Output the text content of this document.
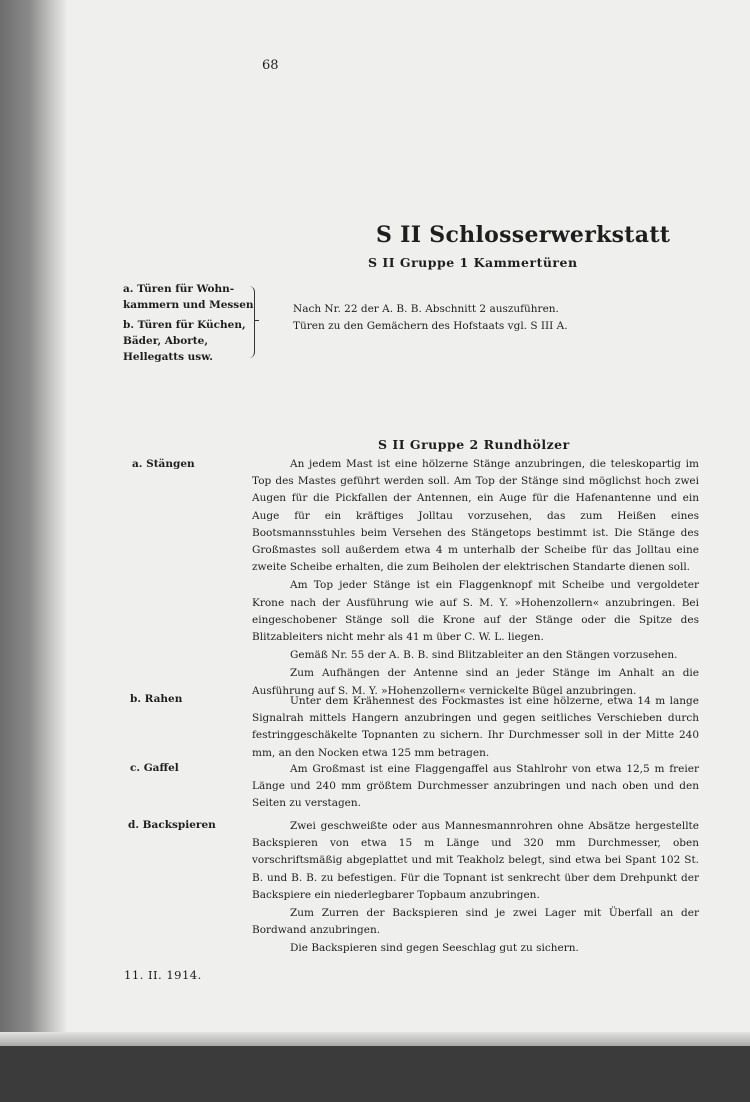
68
S II Schlosserwerkstatt
S II Gruppe 1 Kammertüren
a. Türen für Wohn-
kammern und Messen
b. Türen für Küchen,
Bäder, Aborte,
Hellegatts usw.
Nach Nr. 22 der A. B. B. Abschnitt 2 auszuführen.
Türen zu den Gemächern des Hofstaats vgl. S III A.
S II Gruppe 2 Rundhölzer
a. Stängen	An jedem Mast ist eine hölzerne Stänge anzubringen, die teleskopartig im Top des Mastes geführt werden soll. Am Top der Stänge sind möglichst hoch zwei Augen für die Pickfallen der Antennen, ein Auge für die Hafenantenne und ein Auge für ein kräftiges Jolltau vorzusehen, das zum Heißen eines Bootsmannsstuhles beim Versehen des Stängetops bestimmt ist. Die Stänge des Großmastes soll außerdem etwa 4 m unterhalb der Scheibe für das Jolltau eine zweite Scheibe erhalten, die zum Beiholen der elektrischen Standarte dienen soll.

Am Top jeder Stänge ist ein Flaggenknopf mit Scheibe und vergoldeter Krone nach der Ausführung wie auf S. M. Y. »Hohenzollern« anzubringen. Bei eingeschobener Stänge soll die Krone auf der Stänge oder die Spitze des Blitzableiters nicht mehr als 41 m über C. W. L. liegen.

Gemäß Nr. 55 der A. B. B. sind Blitzableiter an den Stängen vorzusehen.

Zum Aufhängen der Antenne sind an jeder Stänge im Anhalt an die Ausführung auf S. M. Y. »Hohenzollern« vernickelte Bügel anzubringen.

b. Rahen	Unter dem Krähennest des Fockmastes ist eine hölzerne, etwa 14 m lange Signalrah mittels Hangern anzubringen und gegen seitliches Verschieben durch festringgeschäkelte Topnanten zu sichern. Ihr Durchmesser soll in der Mitte 240 mm, an den Nocken etwa 125 mm betragen.

c. Gaffel	Am Großmast ist eine Flaggengaffel aus Stahlrohr von etwa 12,5 m freier Länge und 240 mm größtem Durchmesser anzubringen und nach oben und den Seiten zu verstagen.

d. Backspieren	Zwei geschweißte oder aus Mannesmannrohren ohne Absätze hergestellte Backspieren von etwa 15 m Länge und 320 mm Durchmesser, oben vorschriftsmäßig abgeplattet und mit Teakholz belegt, sind etwa bei Spant 102 St. B. und B. B. zu befestigen. Für die Topnant ist senkrecht über dem Drehpunkt der Backspiere ein niederlegbarer Topbaum anzubringen.

Zum Zurren der Backspieren sind je zwei Lager mit Überfall an der Bordwand anzubringen.

Die Backspieren sind gegen Seeschlag gut zu sichern.

11. II. 1914.
